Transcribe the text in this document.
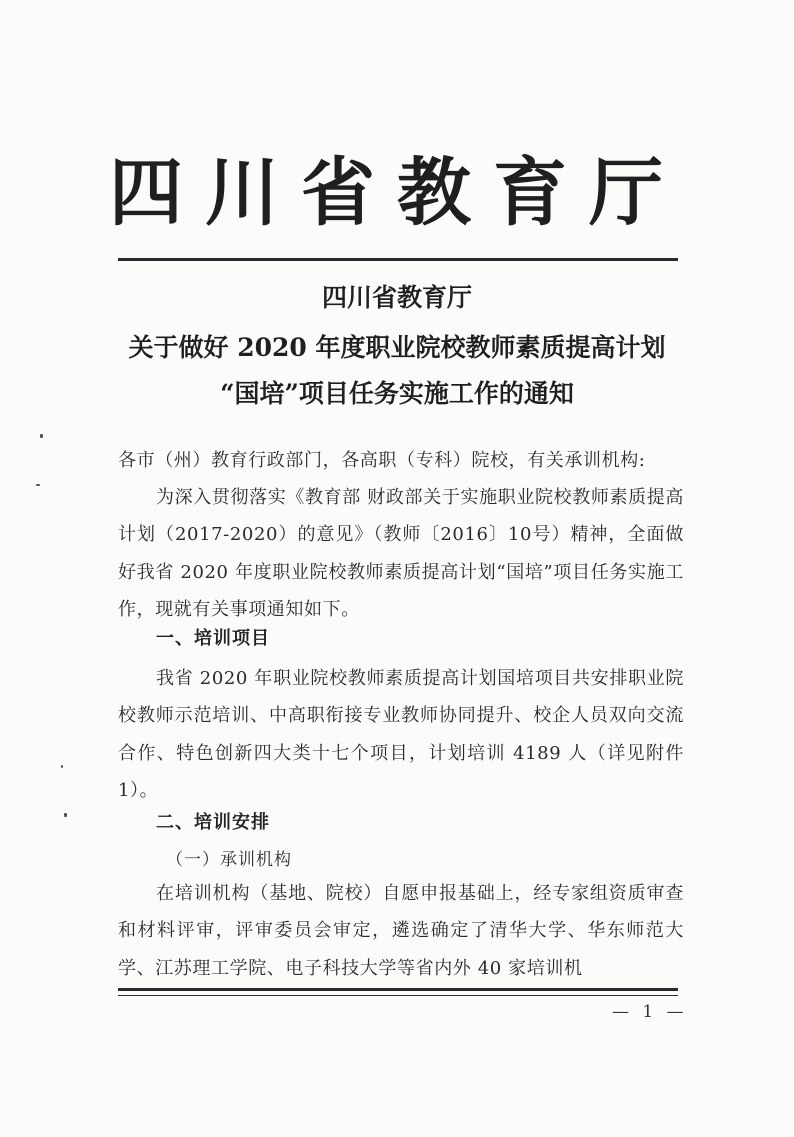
四川省教育厅
四川省教育厅
关于做好 2020 年度职业院校教师素质提高计划
“国培”项目任务实施工作的通知
各市（州）教育行政部门，各高职（专科）院校，有关承训机构:
为深入贯彻落实《教育部 财政部关于实施职业院校教师素质提高计划（2017-2020）的意见》（教师〔2016〕10号）精神，全面做好我省 2020 年度职业院校教师素质提高计划“国培”项目任务实施工作，现就有关事项通知如下。
一、培训项目
我省 2020 年职业院校教师素质提高计划国培项目共安排职业院校教师示范培训、中高职衔接专业教师协同提升、校企人员双向交流合作、特色创新四大类十七个项目，计划培训 4189 人（详见附件 1）。
二、培训安排
（一）承训机构
在培训机构（基地、院校）自愿申报基础上，经专家组资质审查和材料评审，评审委员会审定，遴选确定了清华大学、华东师范大学、江苏理工学院、电子科技大学等省内外 40 家培训机
— 1 —
